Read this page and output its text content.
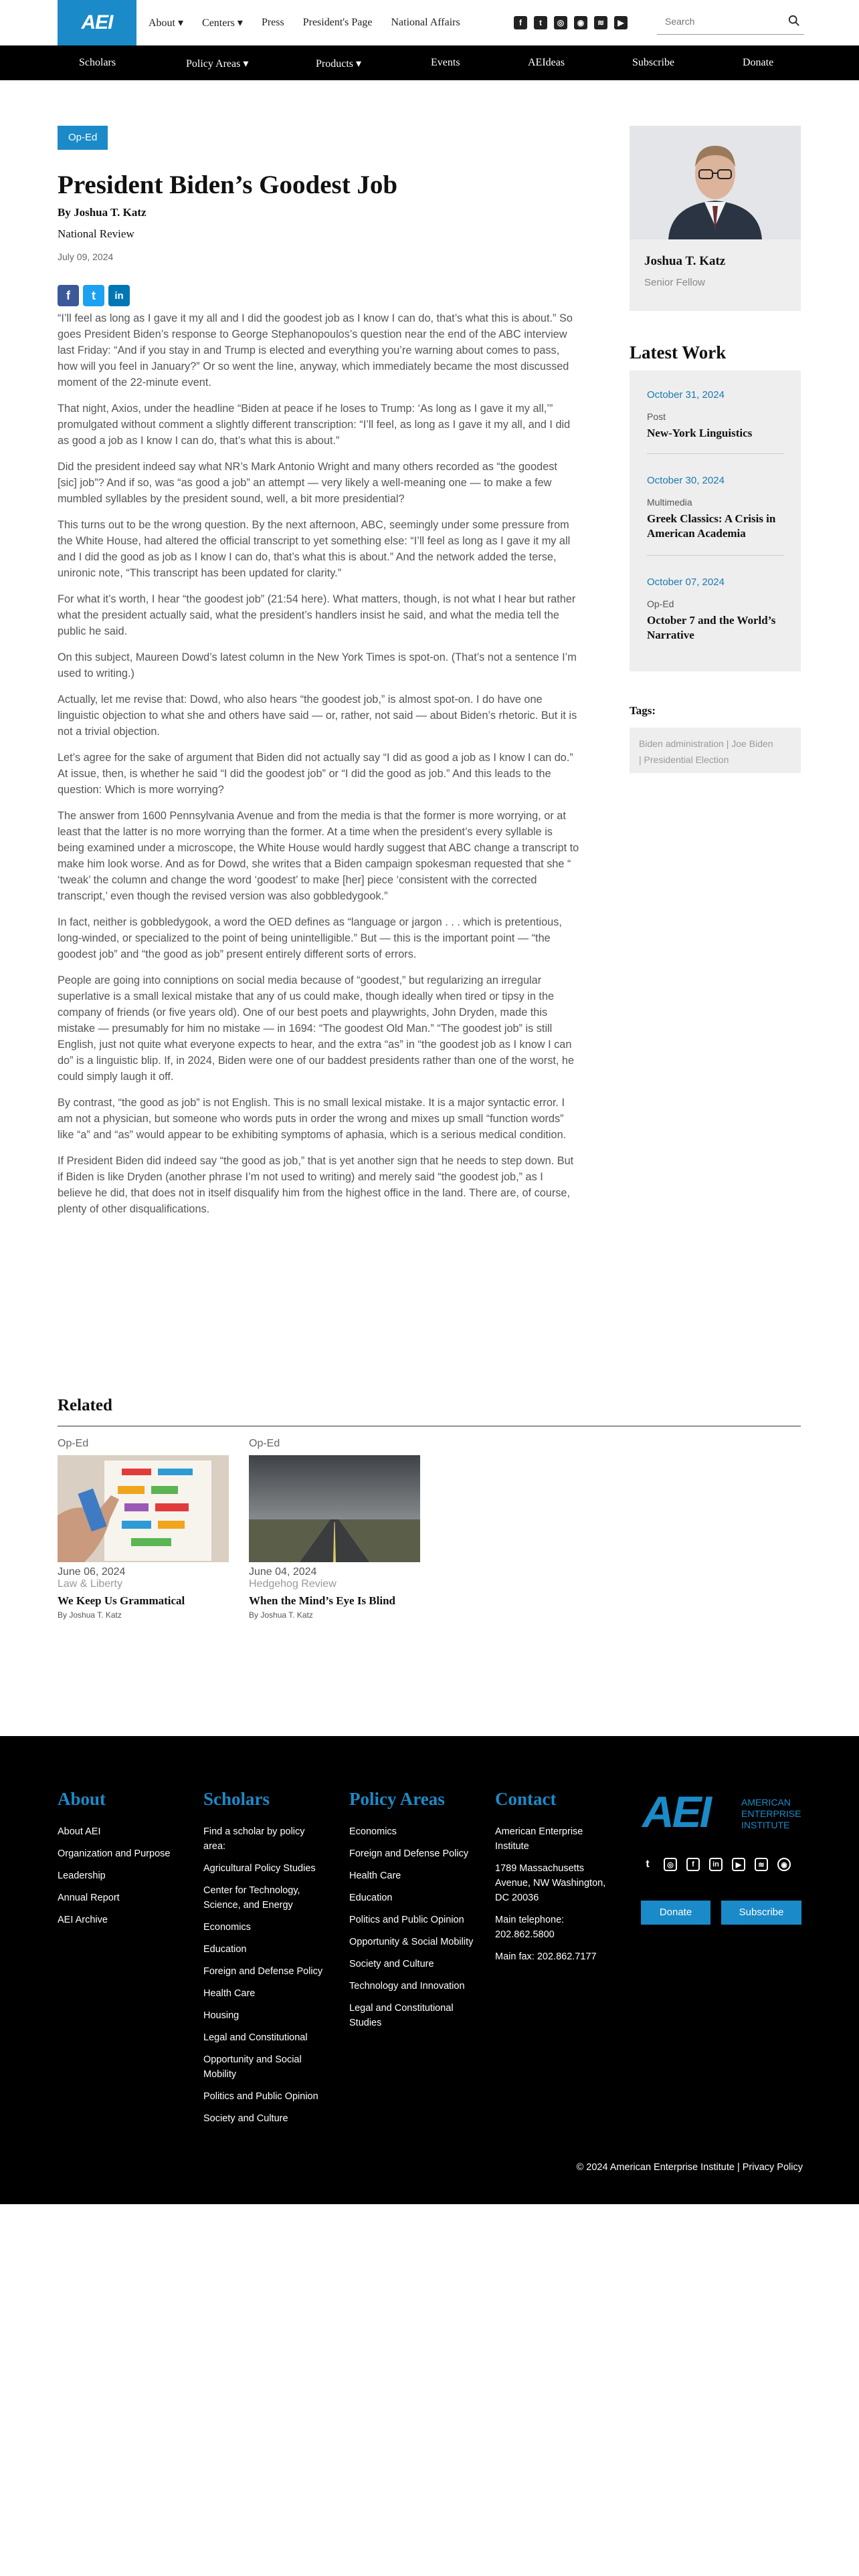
AEI	About ▾ Centers ▾ Press President's Page National Affairs	f	t	◎	◉	≋	▶
Search
Scholars	Policy Areas ▾	Products ▾	Events	AEIdeas	Subscribe	Donate
Op-Ed
President Biden’s Goodest Job
By Joshua T. Katz
National Review
July 09, 2024
f	t	in

“I’ll feel as long as I gave it my all and I did the goodest job as I know I can do, that’s what this is about.” So goes President Biden’s response to George Stephanopoulos’s question near the end of the ABC interview last Friday: “And if you stay in and Trump is elected and everything you’re warning about comes to pass, how will you feel in January?” Or so went the line, anyway, which immediately became the most discussed moment of the 22-minute event.

That night, Axios, under the headline “Biden at peace if he loses to Trump: ‘As long as I gave it my all,’” promulgated without comment a slightly different transcription: “I’ll feel, as long as I gave it my all, and I did as good a job as I know I can do, that’s what this is about.”

Did the president indeed say what NR’s Mark Antonio Wright and many others recorded as “the goodest [sic] job”? And if so, was “as good a job” an attempt — very likely a well-meaning one — to make a few mumbled syllables by the president sound, well, a bit more presidential?

This turns out to be the wrong question. By the next afternoon, ABC, seemingly under some pressure from the White House, had altered the official transcript to yet something else: “I’ll feel as long as I gave it my all and I did the good as job as I know I can do, that’s what this is about.” And the network added the terse, unironic note, “This transcript has been updated for clarity.”

For what it’s worth, I hear “the goodest job” (21:54 here). What matters, though, is not what I hear but rather what the president actually said, what the president’s handlers insist he said, and what the media tell the public he said.

On this subject, Maureen Dowd’s latest column in the New York Times is spot-on. (That’s not a sentence I’m used to writing.)

Actually, let me revise that: Dowd, who also hears “the goodest job,” is almost spot-on. I do have one linguistic objection to what she and others have said — or, rather, not said — about Biden’s rhetoric. But it is not a trivial objection.

Let’s agree for the sake of argument that Biden did not actually say “I did as good a job as I know I can do.” At issue, then, is whether he said “I did the goodest job” or “I did the good as job.” And this leads to the question: Which is more worrying?

The answer from 1600 Pennsylvania Avenue and from the media is that the former is more worrying, or at least that the latter is no more worrying than the former. At a time when the president’s every syllable is being examined under a microscope, the White House would hardly suggest that ABC change a transcript to make him look worse. And as for Dowd, she writes that a Biden campaign spokesman requested that she “ ‘tweak’ the column and change the word ‘goodest’ to make [her] piece ‘consistent with the corrected transcript,’ even though the revised version was also gobbledygook.”

In fact, neither is gobbledygook, a word the OED defines as “language or jargon . . . which is pretentious, long-winded, or specialized to the point of being unintelligible.” But — this is the important point — “the goodest job” and “the good as job” present entirely different sorts of errors.

People are going into conniptions on social media because of “goodest,” but regularizing an irregular superlative is a small lexical mistake that any of us could make, though ideally when tired or tipsy in the company of friends (or five years old). One of our best poets and playwrights, John Dryden, made this mistake — presumably for him no mistake — in 1694: “The goodest Old Man.” “The goodest job” is still English, just not quite what everyone expects to hear, and the extra “as” in “the goodest job as I know I can do” is a linguistic blip. If, in 2024, Biden were one of our baddest presidents rather than one of the worst, he could simply laugh it off.

By contrast, “the good as job” is not English. This is no small lexical mistake. It is a major syntactic error. I am not a physician, but someone who words puts in order the wrong and mixes up small “function words” like “a” and “as” would appear to be exhibiting symptoms of aphasia, which is a serious medical condition.

If President Biden did indeed say “the good as job,” that is yet another sign that he needs to step down. But if Biden is like Dryden (another phrase I’m not used to writing) and merely said “the goodest job,” as I believe he did, that does not in itself disqualify him from the highest office in the land. There are, of course, plenty of other disqualifications.

Joshua T. Katz
Senior Fellow
Latest Work
October 31, 2024
Post
New-York Linguistics
October 30, 2024
Multimedia
Greek Classics: A Crisis in American Academia
October 07, 2024
Op-Ed
October 7 and the World’s Narrative
Tags:
Biden administration | Joe Biden
| Presidential Election
Related
Op-Ed
June 06, 2024
Law & Liberty
We Keep Us Grammatical
By Joshua T. Katz
Op-Ed
June 04, 2024
Hedgehog Review
When the Mind’s Eye Is Blind
By Joshua T. Katz
About
About AEI
Organization and Purpose
Leadership
Annual Report
AEI Archive
Scholars
Find a scholar by policy area:
Agricultural Policy Studies
Center for Technology, Science, and Energy
Economics
Education
Foreign and Defense Policy
Health Care
Housing
Legal and Constitutional
Opportunity and Social Mobility
Politics and Public Opinion
Society and Culture
Policy Areas
Economics
Foreign and Defense Policy
Health Care
Education
Politics and Public Opinion
Opportunity & Social Mobility
Society and Culture
Technology and Innovation
Legal and Constitutional Studies
Contact
American Enterprise Institute
1789 Massachusetts Avenue, NW Washington, DC 20036
Main telephone: 202.862.5800
Main fax: 202.862.7177
AEI	AMERICAN
ENTERPRISE
INSTITUTE
t	◎	f	in	▶	≋	◉
Donate	Subscribe
© 2024 American Enterprise Institute | Privacy Policy
